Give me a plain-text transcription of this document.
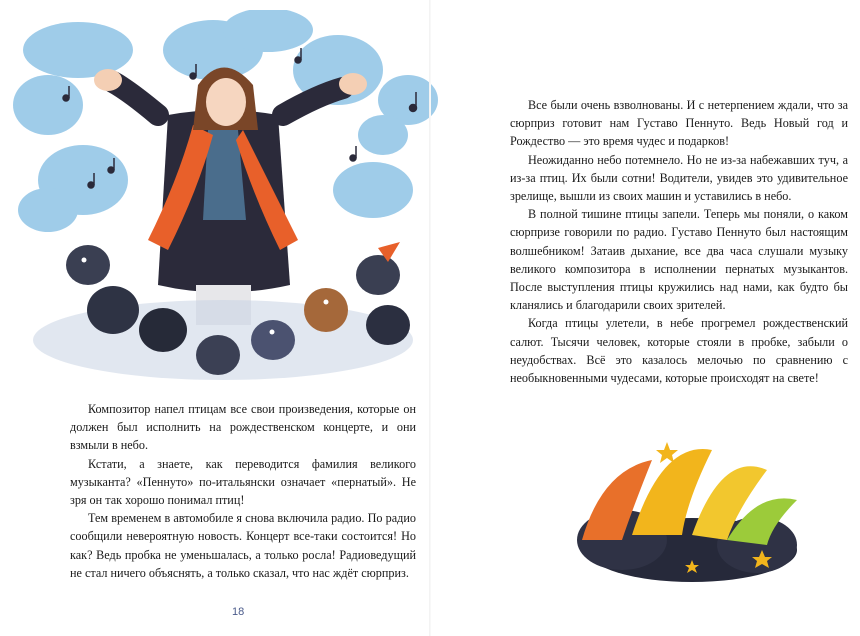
Композитор напел птицам все свои произведения, которые он должен был исполнить на рождественском концерте, и они взмыли в небо.

Кстати, а знаете, как переводится фамилия великого музыканта? «Пеннуто» по-итальянски означает «пернатый». Не зря он так хорошо понимал птиц!

Тем временем в автомобиле я снова включила радио. По радио сообщили невероятную новость. Концерт все-таки состоится! Но как? Ведь пробка не уменьшалась, а только росла! Радиоведущий не стал ничего объяснять, а только сказал, что нас ждёт сюрприз.

18

Все были очень взволнованы. И с нетерпением ждали, что за сюрприз готовит нам Густаво Пеннуто. Ведь Новый год и Рождество — это время чудес и подарков!

Неожиданно небо потемнело. Но не из-за набежавших туч, а из-за птиц. Их были сотни! Водители, увидев это удивительное зрелище, вышли из своих машин и уставились в небо.

В полной тишине птицы запели. Теперь мы поняли, о каком сюрпризе говорили по радио. Густаво Пеннуто был настоящим волшебником! Затаив дыхание, все два часа слушали музыку великого композитора в исполнении пернатых музыкантов. После выступления птицы кружились над нами, как будто бы кланялись и благодарили своих зрителей.

Когда птицы улетели, в небе прогремел рождественский салют. Тысячи человек, которые стояли в пробке, забыли о неудобствах. Всё это казалось мелочью по сравнению с необыкновенными чудесами, которые происходят на свете!
